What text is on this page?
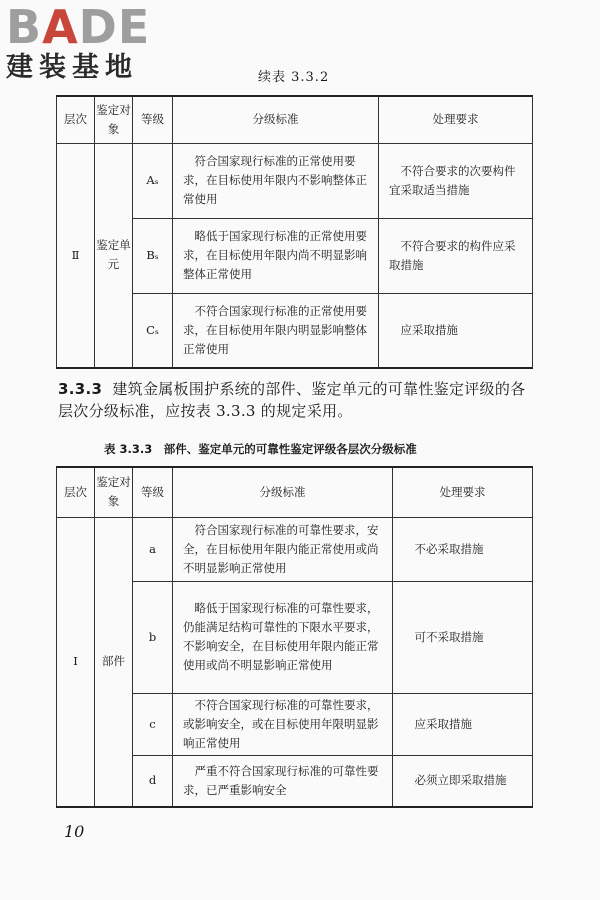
BADE
建装基地	续表 3.3.2
层次	鉴定对象	等级	分级标准	处理要求
Ⅱ	鉴定单元	Aₛ	符合国家现行标准的正常使用要求，在目标使用年限内不影响整体正常使用	不符合要求的次要构件宜采取适当措施
		Bₛ	略低于国家现行标准的正常使用要求，在目标使用年限内尚不明显影响整体正常使用	不符合要求的构件应采取措施
		Cₛ	不符合国家现行标准的正常使用要求，在目标使用年限内明显影响整体正常使用	应采取措施
3.3.3 建筑金属板围护系统的部件、鉴定单元的可靠性鉴定评级的各层次分级标准，应按表 3.3.3 的规定采用。
表 3.3.3　部件、鉴定单元的可靠性鉴定评级各层次分级标准
层次	鉴定对象	等级	分级标准	处理要求
Ⅰ	部件	a	符合国家现行标准的可靠性要求，安全，在目标使用年限内能正常使用或尚不明显影响正常使用	不必采取措施
		b	略低于国家现行标准的可靠性要求，仍能满足结构可靠性的下限水平要求，不影响安全，在目标使用年限内能正常使用或尚不明显影响正常使用	可不采取措施
		c	不符合国家现行标准的可靠性要求，或影响安全，或在目标使用年限明显影响正常使用	应采取措施
		d	严重不符合国家现行标准的可靠性要求，已严重影响安全	必须立即采取措施
10
